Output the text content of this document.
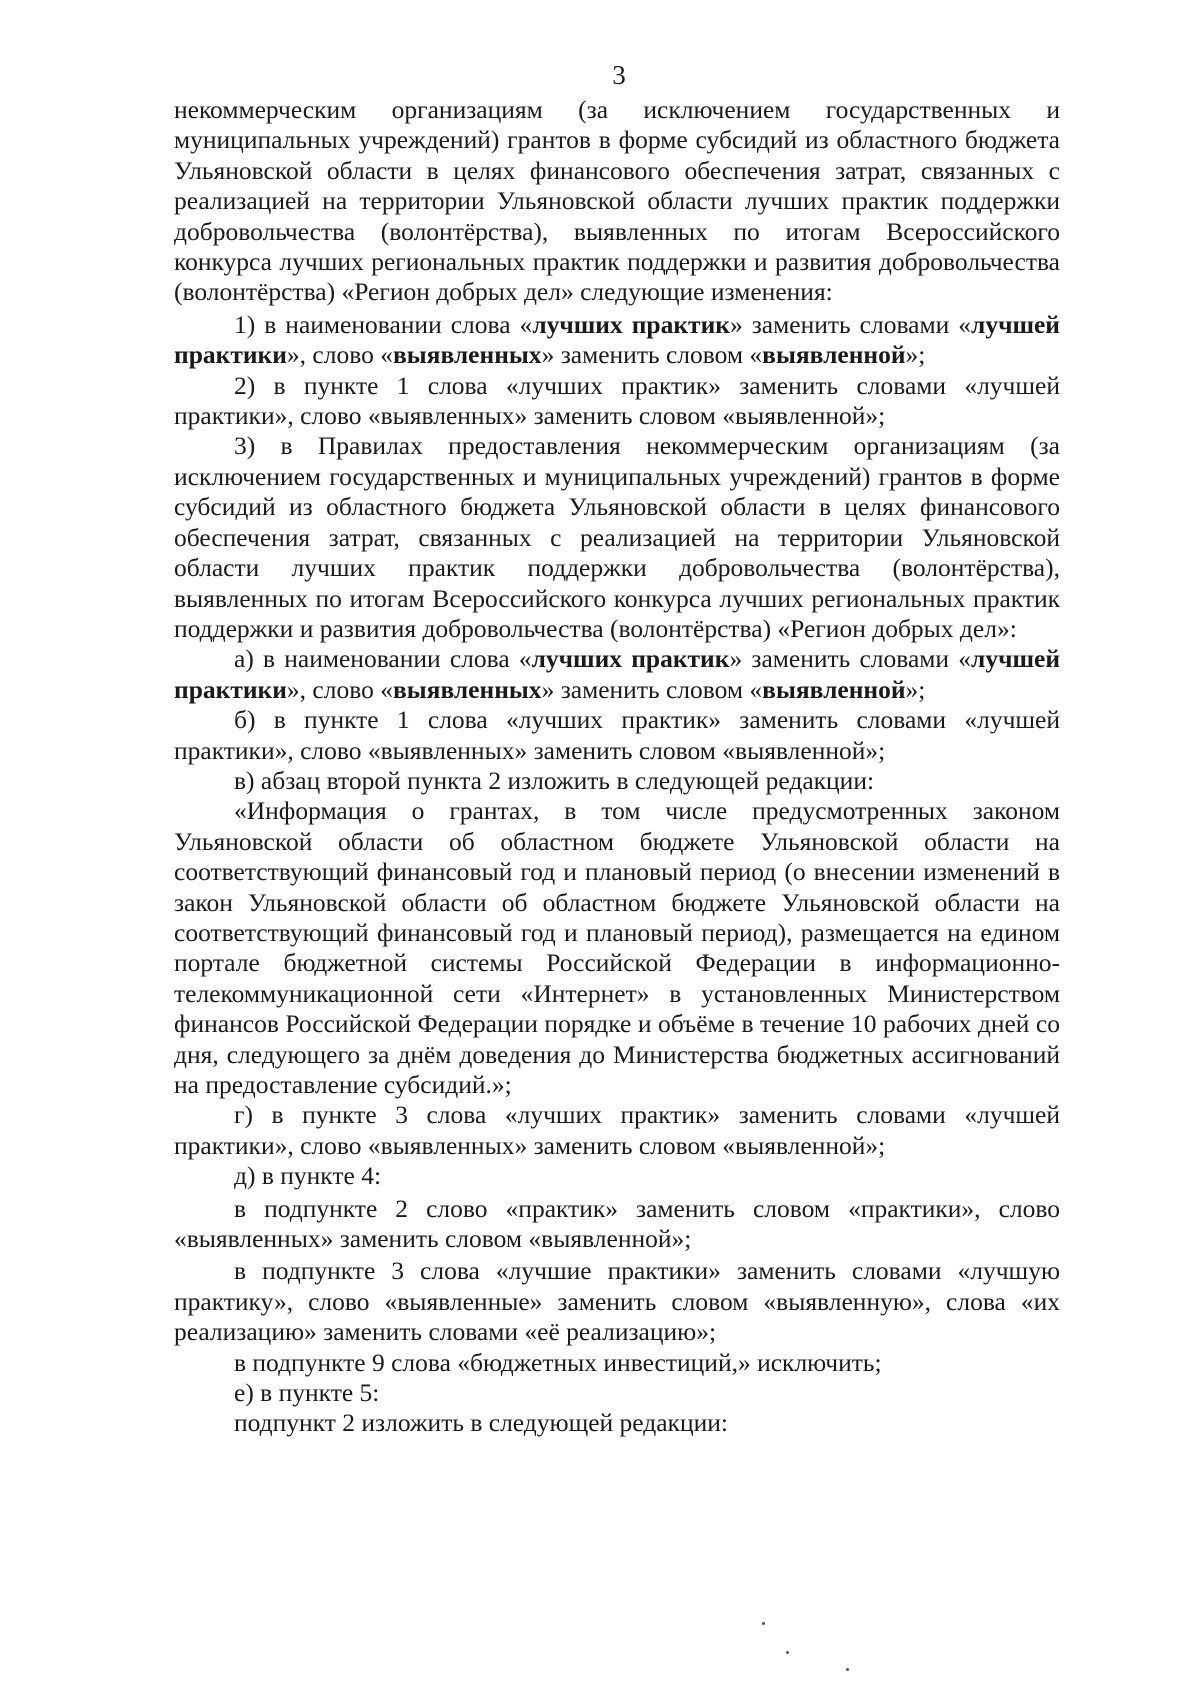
3

некоммерческим организациям (за исключением государственных и муниципальных учреждений) грантов в форме субсидий из областного бюджета Ульяновской области в целях финансового обеспечения затрат, связанных с реализацией на территории Ульяновской области лучших практик поддержки добровольчества (волонтёрства), выявленных по итогам Всероссийского конкурса лучших региональных практик поддержки и развития добровольчества (волонтёрства) «Регион добрых дел» следующие изменения:

1) в наименовании слова «лучших практик» заменить словами «лучшей практики», слово «выявленных» заменить словом «выявленной»;

2) в пункте 1 слова «лучших практик» заменить словами «лучшей практики», слово «выявленных» заменить словом «выявленной»;

3) в Правилах предоставления некоммерческим организациям (за исключением государственных и муниципальных учреждений) грантов в форме субсидий из областного бюджета Ульяновской области в целях финансового обеспечения затрат, связанных с реализацией на территории Ульяновской области лучших практик поддержки добровольчества (волонтёрства), выявленных по итогам Всероссийского конкурса лучших региональных практик поддержки и развития добровольчества (волонтёрства) «Регион добрых дел»:

а) в наименовании слова «лучших практик» заменить словами «лучшей практики», слово «выявленных» заменить словом «выявленной»;

б) в пункте 1 слова «лучших практик» заменить словами «лучшей практики», слово «выявленных» заменить словом «выявленной»;

в) абзац второй пункта 2 изложить в следующей редакции:

«Информация о грантах, в том числе предусмотренных законом Ульяновской области об областном бюджете Ульяновской области на соответствующий финансовый год и плановый период (о внесении изменений в закон Ульяновской области об областном бюджете Ульяновской области на соответствующий финансовый год и плановый период), размещается на едином портале бюджетной системы Российской Федерации в информационно-телекоммуникационной сети «Интернет» в установленных Министерством финансов Российской Федерации порядке и объёме в течение 10 рабочих дней со дня, следующего за днём доведения до Министерства бюджетных ассигнований на предоставление субсидий.»;

г) в пункте 3 слова «лучших практик» заменить словами «лучшей практики», слово «выявленных» заменить словом «выявленной»;

д) в пункте 4:

в подпункте 2 слово «практик» заменить словом «практики», слово «выявленных» заменить словом «выявленной»;

в подпункте 3 слова «лучшие практики» заменить словами «лучшую практику», слово «выявленные» заменить словом «выявленную», слова «их реализацию» заменить словами «её реализацию»;

в подпункте 9 слова «бюджетных инвестиций,» исключить;

е) в пункте 5:

подпункт 2 изложить в следующей редакции:
